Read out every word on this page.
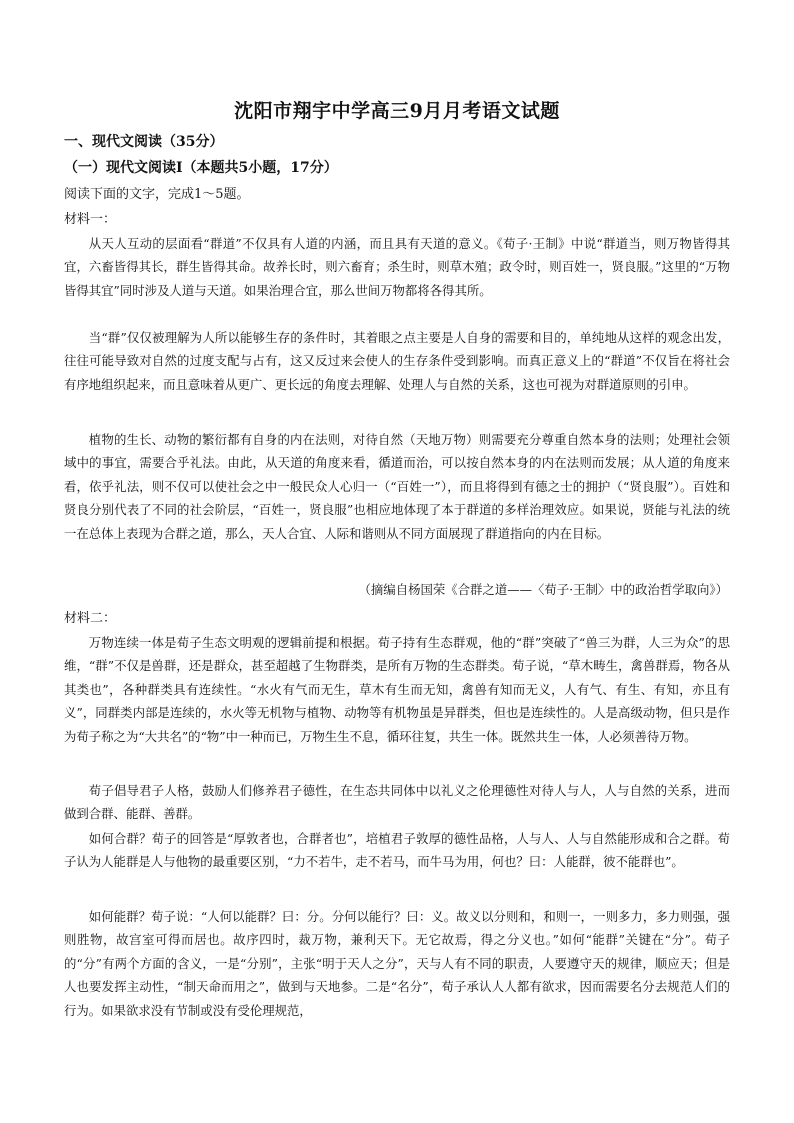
沈阳市翔宇中学高三9月月考语文试题
一、现代文阅读（35分）
（一）现代文阅读Ⅰ（本题共5小题，17分）
阅读下面的文字，完成1～5题。
材料一：

从天人互动的层面看“群道”不仅具有人道的内涵，而且具有天道的意义。《荀子·王制》中说“群道当，则万物皆得其宜，六畜皆得其长，群生皆得其命。故养长时，则六畜育；杀生时，则草木殖；政令时，则百姓一，贤良服。”这里的“万物皆得其宜”同时涉及人道与天道。如果治理合宜，那么世间万物都将各得其所。

当“群”仅仅被理解为人所以能够生存的条件时，其着眼之点主要是人自身的需要和目的，单纯地从这样的观念出发，往往可能导致对自然的过度支配与占有，这又反过来会使人的生存条件受到影响。而真正意义上的“群道”不仅旨在将社会有序地组织起来，而且意味着从更广、更长远的角度去理解、处理人与自然的关系，这也可视为对群道原则的引申。

植物的生长、动物的繁衍都有自身的内在法则，对待自然（天地万物）则需要充分尊重自然本身的法则；处理社会领域中的事宜，需要合乎礼法。由此，从天道的角度来看，循道而治，可以按自然本身的内在法则而发展；从人道的角度来看，依乎礼法，则不仅可以使社会之中一般民众人心归一（“百姓一”），而且将得到有德之士的拥护（“贤良服”）。百姓和贤良分别代表了不同的社会阶层，“百姓一，贤良服”也相应地体现了本于群道的多样治理效应。如果说，贤能与礼法的统一在总体上表现为合群之道，那么，天人合宜、人际和谐则从不同方面展现了群道指向的内在目标。

（摘编自杨国荣《合群之道——〈荀子·王制〉中的政治哲学取向》）
材料二：

万物连续一体是荀子生态文明观的逻辑前提和根据。荀子持有生态群观，他的“群”突破了“兽三为群，人三为众”的思维，“群”不仅是兽群，还是群众，甚至超越了生物群类，是所有万物的生态群类。荀子说，“草木畴生，禽兽群焉，物各从其类也”，各种群类具有连续性。“水火有气而无生，草木有生而无知，禽兽有知而无义，人有气、有生、有知，亦且有义”，同群类内部是连续的，水火等无机物与植物、动物等有机物虽是异群类，但也是连续性的。人是高级动物，但只是作为荀子称之为“大共名”的“物”中一种而已，万物生生不息，循环往复，共生一体。既然共生一体，人必须善待万物。

荀子倡导君子人格，鼓励人们修养君子德性，在生态共同体中以礼义之伦理德性对待人与人，人与自然的关系，进而做到合群、能群、善群。

如何合群？荀子的回答是“厚敦者也，合群者也”，培植君子敦厚的德性品格，人与人、人与自然能形成和合之群。荀子认为人能群是人与他物的最重要区别，“力不若牛，走不若马，而牛马为用，何也？曰：人能群，彼不能群也”。

如何能群？荀子说：“人何以能群？曰：分。分何以能行？曰：义。故义以分则和，和则一，一则多力，多力则强，强则胜物，故宫室可得而居也。故序四时，裁万物，兼利天下。无它故焉，得之分义也。”如何“能群”关键在“分”。荀子的“分”有两个方面的含义，一是“分别”，主张“明于天人之分”，天与人有不同的职责，人要遵守天的规律，顺应天；但是人也要发挥主动性，“制天命而用之”，做到与天地参。二是“名分”，荀子承认人人都有欲求，因而需要名分去规范人们的行为。如果欲求没有节制或没有受伦理规范，
